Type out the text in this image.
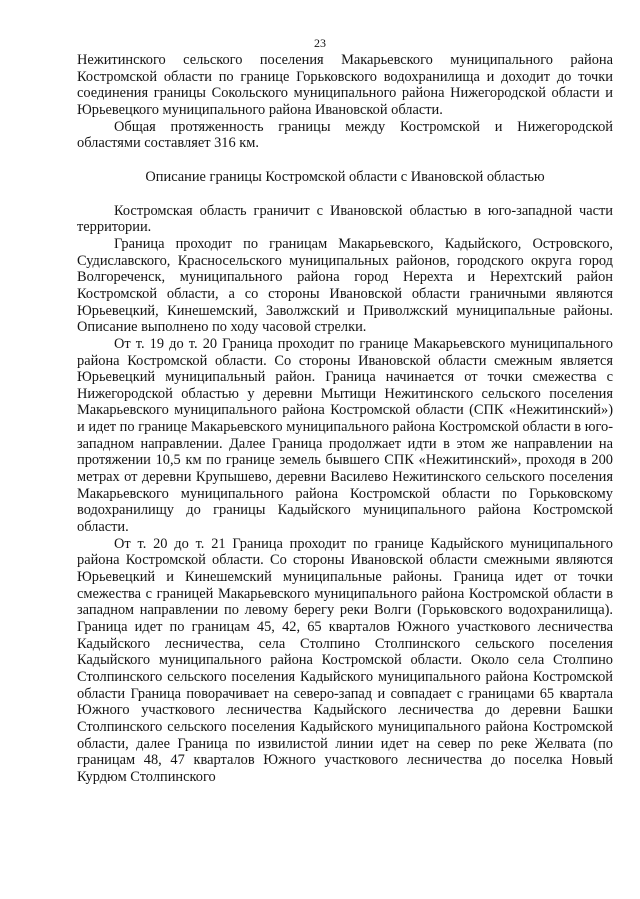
23

Нежитинского сельского поселения Макарьевского муниципального района Костромской области по границе Горьковского водохранилища и доходит до точки соединения границы Сокольского муниципального района Нижегородской области и Юрьевецкого муниципального района Ивановской области.

Общая протяженность границы между Костромской и Нижегородской областями составляет 316 км.

Описание границы Костромской области с Ивановской областью

Костромская область граничит с Ивановской областью в юго-западной части территории.

Граница проходит по границам Макарьевского, Кадыйского, Островского, Судиславского, Красносельского муниципальных районов, городского округа город Волгореченск, муниципального района город Нерехта и Нерехтский район Костромской области, а со стороны Ивановской области граничными являются Юрьевецкий, Кинешемский, Заволжский и Приволжский муниципальные районы. Описание выполнено по ходу часовой стрелки.

От т. 19 до т. 20 Граница проходит по границе Макарьевского муниципального района Костромской области. Со стороны Ивановской области смежным является Юрьевецкий муниципальный район. Граница начинается от точки смежества с Нижегородской областью у деревни Мытищи Нежитинского сельского поселения Макарьевского муниципального района Костромской области (СПК «Нежитинский») и идет по границе Макарьевского муниципального района Костромской области в юго-западном направлении. Далее Граница продолжает идти в этом же направлении на протяжении 10,5 км по границе земель бывшего СПК «Нежитинский», проходя в 200 метрах от деревни Крупышево, деревни Василево Нежитинского сельского поселения Макарьевского муниципального района Костромской области по Горьковскому водохранилищу до границы Кадыйского муниципального района Костромской области.

От т. 20 до т. 21 Граница проходит по границе Кадыйского муниципального района Костромской области. Со стороны Ивановской области смежными являются Юрьевецкий и Кинешемский муниципальные районы. Граница идет от точки смежества с границей Макарьевского муниципального района Костромской области в западном направлении по левому берегу реки Волги (Горьковского водохранилища). Граница идет по границам 45, 42, 65 кварталов Южного участкового лесничества Кадыйского лесничества, села Столпино Столпинского сельского поселения Кадыйского муниципального района Костромской области. Около села Столпино Столпинского сельского поселения Кадыйского муниципального района Костромской области Граница поворачивает на северо-запад и совпадает с границами 65 квартала Южного участкового лесничества Кадыйского лесничества до деревни Башки Столпинского сельского поселения Кадыйского муниципального района Костромской области, далее Граница по извилистой линии идет на север по реке Желвата (по границам 48, 47 кварталов Южного участкового лесничества до поселка Новый Курдюм Столпинского
